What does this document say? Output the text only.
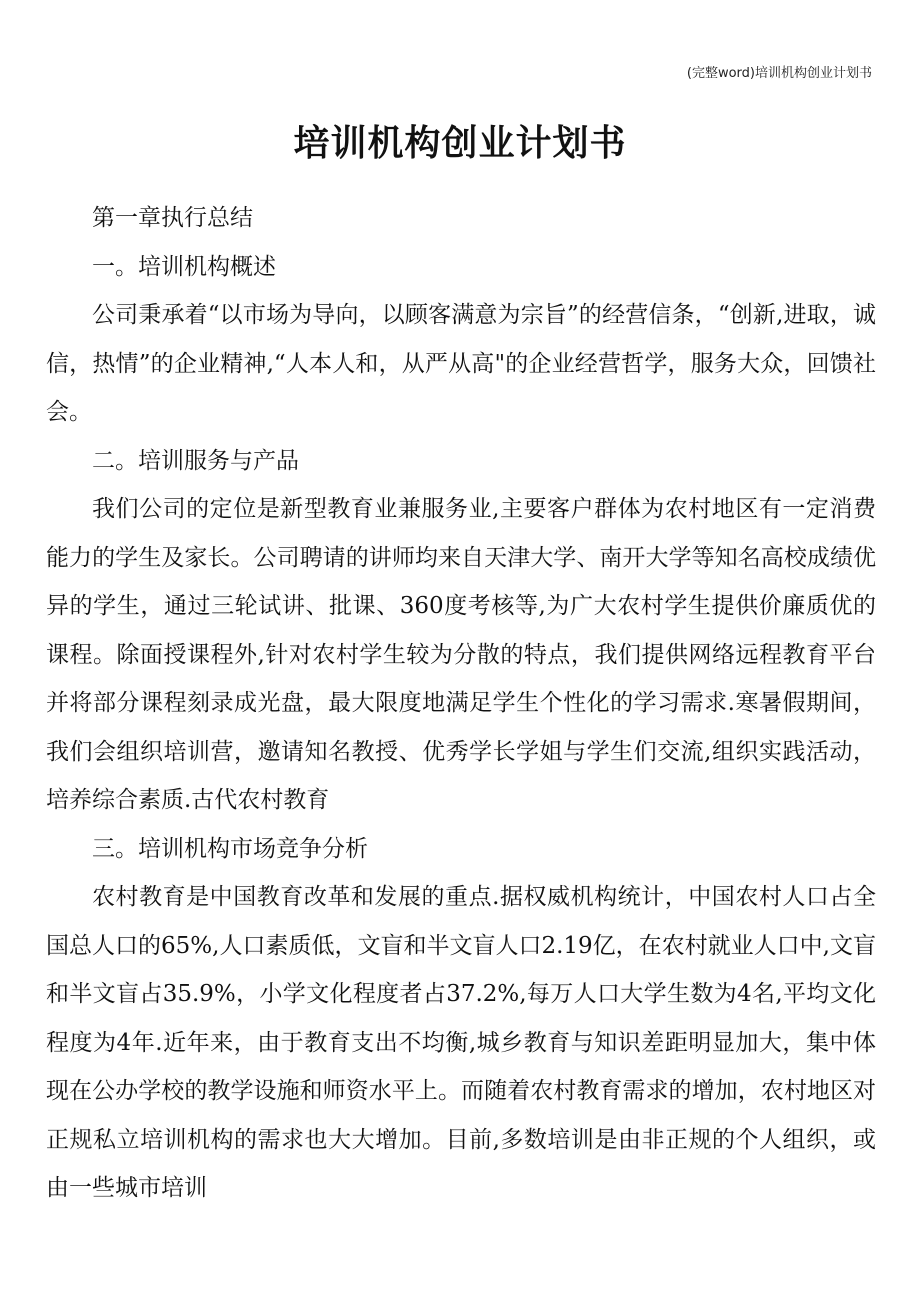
(完整word)培训机构创业计划书
培训机构创业计划书

第一章执行总结

一。培训机构概述

公司秉承着“以市场为导向，以顾客满意为宗旨”的经营信条，“创新,进取，诚信，热情”的企业精神,“人本人和，从严从高"的企业经营哲学，服务大众，回馈社会。

二。培训服务与产品

我们公司的定位是新型教育业兼服务业,主要客户群体为农村地区有一定消费能力的学生及家长。公司聘请的讲师均来自天津大学、南开大学等知名高校成绩优异的学生，通过三轮试讲、批课、360度考核等,为广大农村学生提供价廉质优的课程。除面授课程外,针对农村学生较为分散的特点，我们提供网络远程教育平台并将部分课程刻录成光盘，最大限度地满足学生个性化的学习需求.寒暑假期间，我们会组织培训营，邀请知名教授、优秀学长学姐与学生们交流,组织实践活动，培养综合素质.古代农村教育

三。培训机构市场竞争分析

农村教育是中国教育改革和发展的重点.据权威机构统计，中国农村人口占全国总人口的65%,人口素质低，文盲和半文盲人口2.19亿，在农村就业人口中,文盲和半文盲占35.9%，小学文化程度者占37.2%,每万人口大学生数为4名,平均文化程度为4年.近年来，由于教育支出不均衡,城乡教育与知识差距明显加大，集中体现在公办学校的教学设施和师资水平上。而随着农村教育需求的增加，农村地区对正规私立培训机构的需求也大大增加。目前,多数培训是由非正规的个人组织，或由一些城市培训
